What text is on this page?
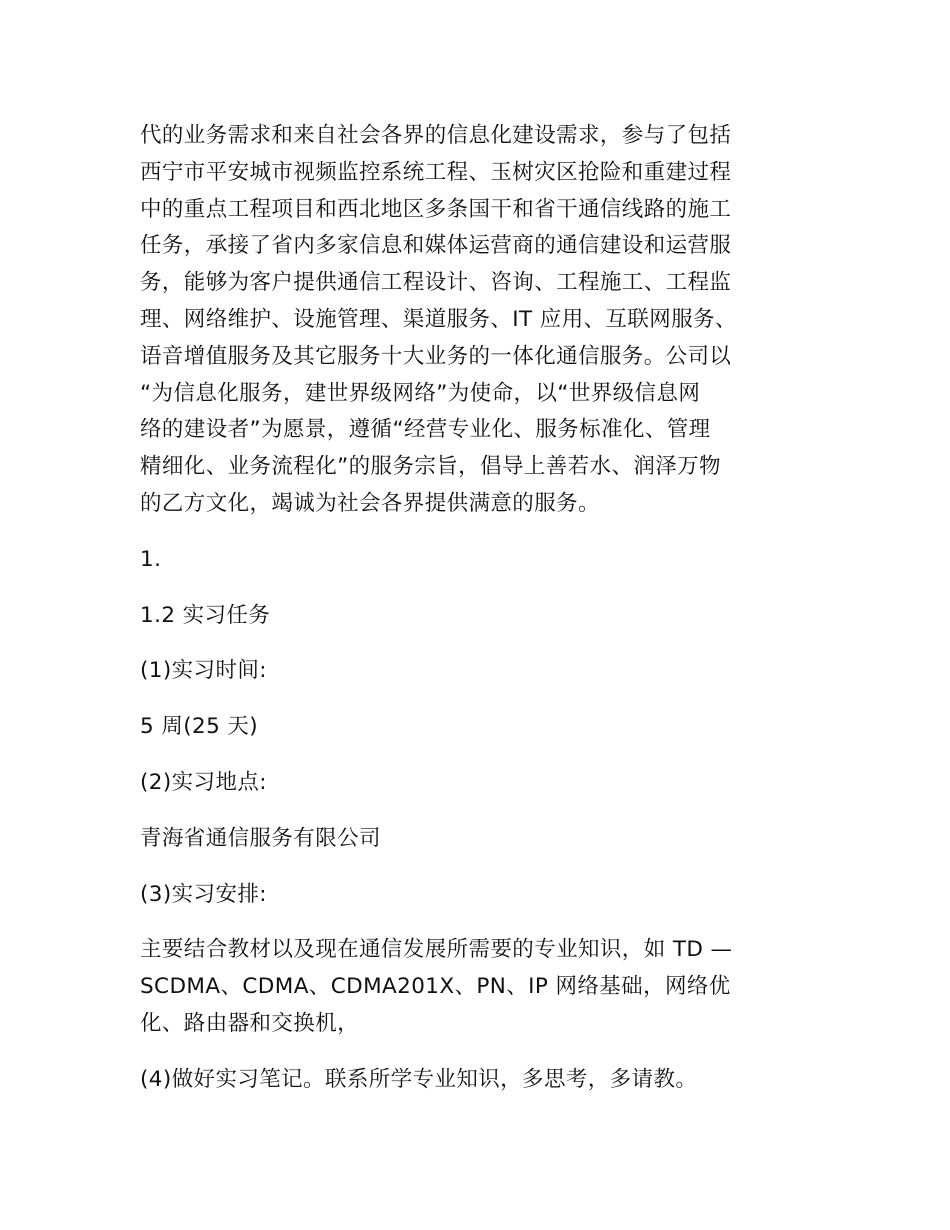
代的业务需求和来自社会各界的信息化建设需求，参与了包括
西宁市平安城市视频监控系统工程、玉树灾区抢险和重建过程
中的重点工程项目和西北地区多条国干和省干通信线路的施工
任务，承接了省内多家信息和媒体运营商的通信建设和运营服
务，能够为客户提供通信工程设计、咨询、工程施工、工程监
理、网络维护、设施管理、渠道服务、IT 应用、互联网服务、
语音增值服务及其它服务十大业务的一体化通信服务。公司以
“为信息化服务，建世界级网络”为使命，以“世界级信息网
络的建设者”为愿景，遵循“经营专业化、服务标准化、管理
精细化、业务流程化”的服务宗旨，倡导上善若水、润泽万物
的乙方文化，竭诚为社会各界提供满意的服务。

1.

1.2 实习任务

(1)实习时间:

5 周(25 天)

(2)实习地点:

青海省通信服务有限公司

(3)实习安排:

主要结合教材以及现在通信发展所需要的专业知识，如 TD —
SCDMA、CDMA、CDMA201X、PN、IP 网络基础，网络优
化、路由器和交换机，

(4)做好实习笔记。联系所学专业知识，多思考，多请教。
